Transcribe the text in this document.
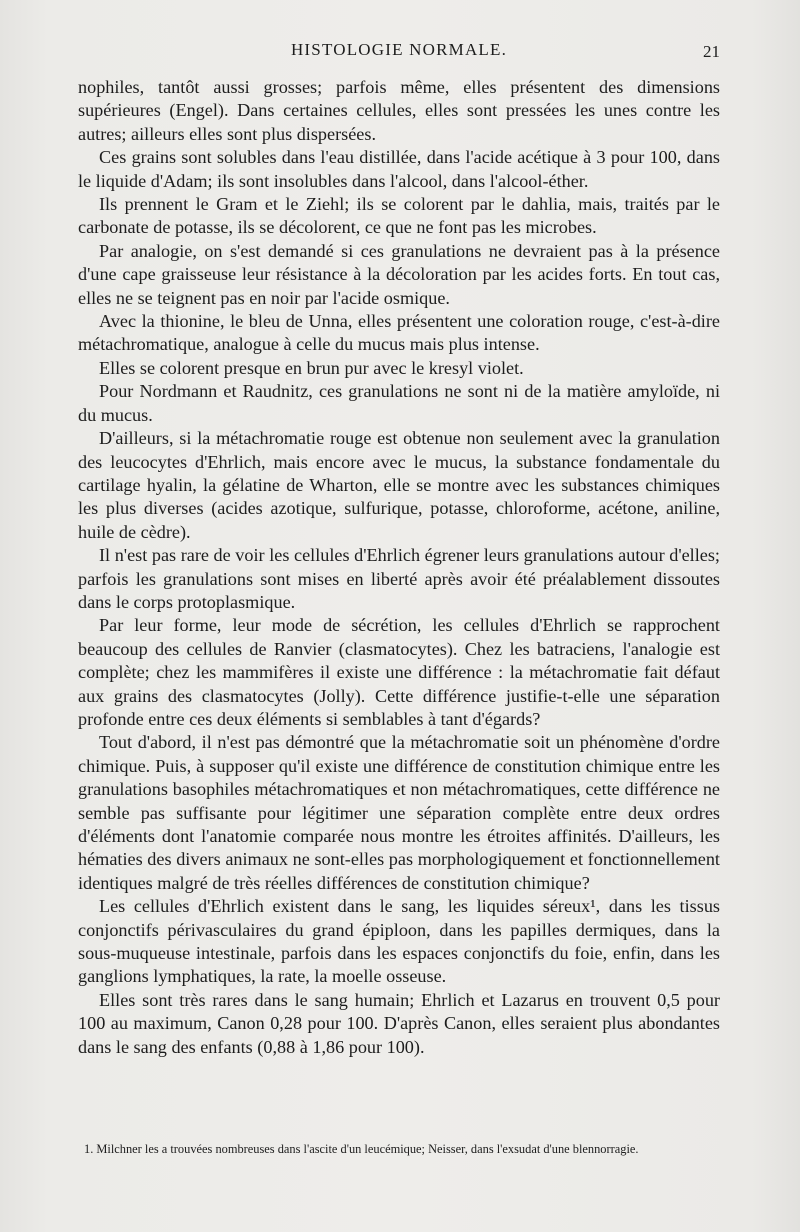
HISTOLOGIE NORMALE.	21

nophiles, tantôt aussi grosses; parfois même, elles présentent des dimensions supérieures (Engel). Dans certaines cellules, elles sont pressées les unes contre les autres; ailleurs elles sont plus dispersées.

Ces grains sont solubles dans l'eau distillée, dans l'acide acétique à 3 pour 100, dans le liquide d'Adam; ils sont insolubles dans l'alcool, dans l'alcool-éther.

Ils prennent le Gram et le Ziehl; ils se colorent par le dahlia, mais, traités par le carbonate de potasse, ils se décolorent, ce que ne font pas les microbes.

Par analogie, on s'est demandé si ces granulations ne devraient pas à la présence d'une cape graisseuse leur résistance à la décoloration par les acides forts. En tout cas, elles ne se teignent pas en noir par l'acide osmique.

Avec la thionine, le bleu de Unna, elles présentent une coloration rouge, c'est-à-dire métachromatique, analogue à celle du mucus mais plus intense.

Elles se colorent presque en brun pur avec le kresyl violet.

Pour Nordmann et Raudnitz, ces granulations ne sont ni de la matière amyloïde, ni du mucus.

D'ailleurs, si la métachromatie rouge est obtenue non seulement avec la granulation des leucocytes d'Ehrlich, mais encore avec le mucus, la substance fondamentale du cartilage hyalin, la gélatine de Wharton, elle se montre avec les substances chimiques les plus diverses (acides azotique, sulfurique, potasse, chloroforme, acétone, aniline, huile de cèdre).

Il n'est pas rare de voir les cellules d'Ehrlich égrener leurs granulations autour d'elles; parfois les granulations sont mises en liberté après avoir été préalablement dissoutes dans le corps protoplasmique.

Par leur forme, leur mode de sécrétion, les cellules d'Ehrlich se rapprochent beaucoup des cellules de Ranvier (clasmatocytes). Chez les batraciens, l'analogie est complète; chez les mammifères il existe une différence : la métachromatie fait défaut aux grains des clasmatocytes (Jolly). Cette différence justifie-t-elle une séparation profonde entre ces deux éléments si semblables à tant d'égards?

Tout d'abord, il n'est pas démontré que la métachromatie soit un phénomène d'ordre chimique. Puis, à supposer qu'il existe une différence de constitution chimique entre les granulations basophiles métachromatiques et non métachromatiques, cette différence ne semble pas suffisante pour légitimer une séparation complète entre deux ordres d'éléments dont l'anatomie comparée nous montre les étroites affinités. D'ailleurs, les hématies des divers animaux ne sont-elles pas morphologiquement et fonctionnellement identiques malgré de très réelles différences de constitution chimique?

Les cellules d'Ehrlich existent dans le sang, les liquides séreux¹, dans les tissus conjonctifs périvasculaires du grand épiploon, dans les papilles dermiques, dans la sous-muqueuse intestinale, parfois dans les espaces conjonctifs du foie, enfin, dans les ganglions lymphatiques, la rate, la moelle osseuse.

Elles sont très rares dans le sang humain; Ehrlich et Lazarus en trouvent 0,5 pour 100 au maximum, Canon 0,28 pour 100. D'après Canon, elles seraient plus abondantes dans le sang des enfants (0,88 à 1,86 pour 100).

1. Milchner les a trouvées nombreuses dans l'ascite d'un leucémique; Neisser, dans l'exsudat d'une blennorragie.
